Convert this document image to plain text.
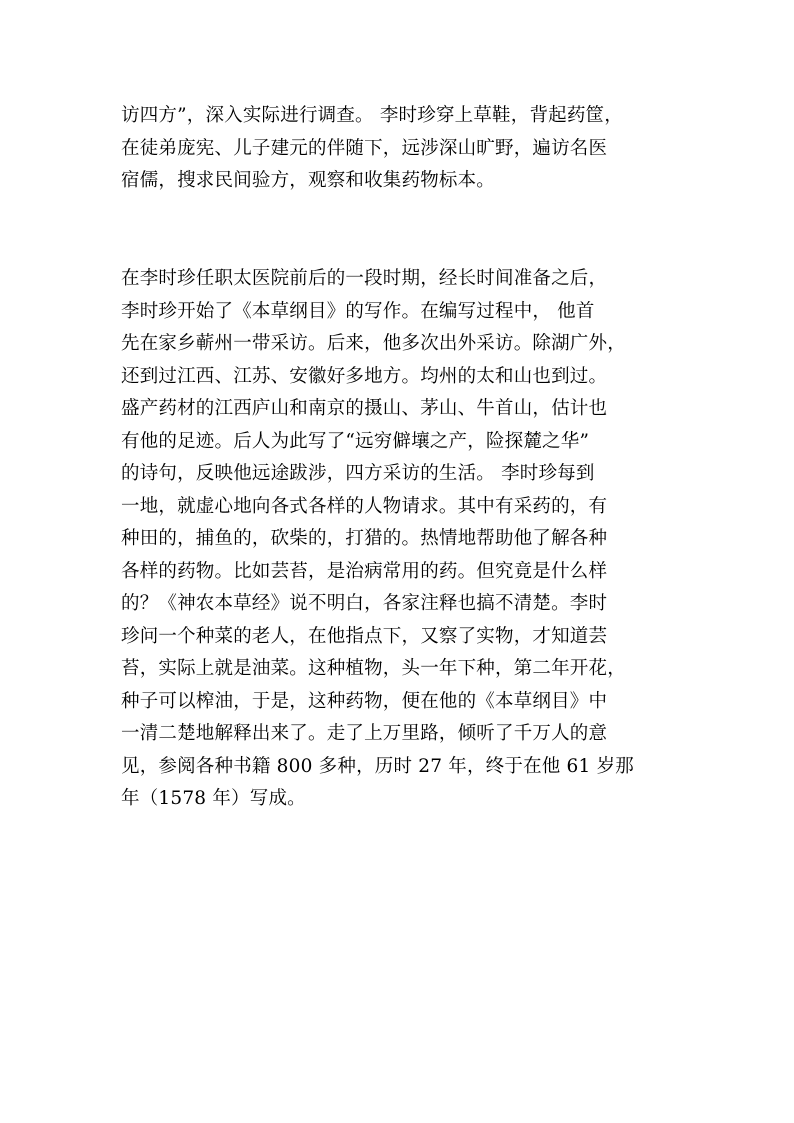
访四方”，深入实际进行调查。 李时珍穿上草鞋，背起药筐，
在徒弟庞宪、儿子建元的伴随下，远涉深山旷野，遍访名医
宿儒，搜求民间验方，观察和收集药物标本。
在李时珍任职太医院前后的一段时期，经长时间准备之后，
李时珍开始了《本草纲目》的写作。在编写过程中， 他首
先在家乡蕲州一带采访。后来，他多次出外采访。除湖广外，
还到过江西、江苏、安徽好多地方。均州的太和山也到过。
盛产药材的江西庐山和南京的摄山、茅山、牛首山，估计也
有他的足迹。后人为此写了“远穷僻壤之产，险探麓之华”
的诗句，反映他远途跋涉，四方采访的生活。 李时珍每到
一地，就虚心地向各式各样的人物请求。其中有采药的，有
种田的，捕鱼的，砍柴的，打猎的。热情地帮助他了解各种
各样的药物。比如芸苔，是治病常用的药。但究竟是什么样
的？《神农本草经》说不明白，各家注释也搞不清楚。李时
珍问一个种菜的老人，在他指点下，又察了实物，才知道芸
苔，实际上就是油菜。这种植物，头一年下种，第二年开花，
种子可以榨油，于是，这种药物，便在他的《本草纲目》中
一清二楚地解释出来了。走了上万里路，倾听了千万人的意
见，参阅各种书籍 800 多种，历时 27 年，终于在他 61 岁那
年（1578 年）写成。
